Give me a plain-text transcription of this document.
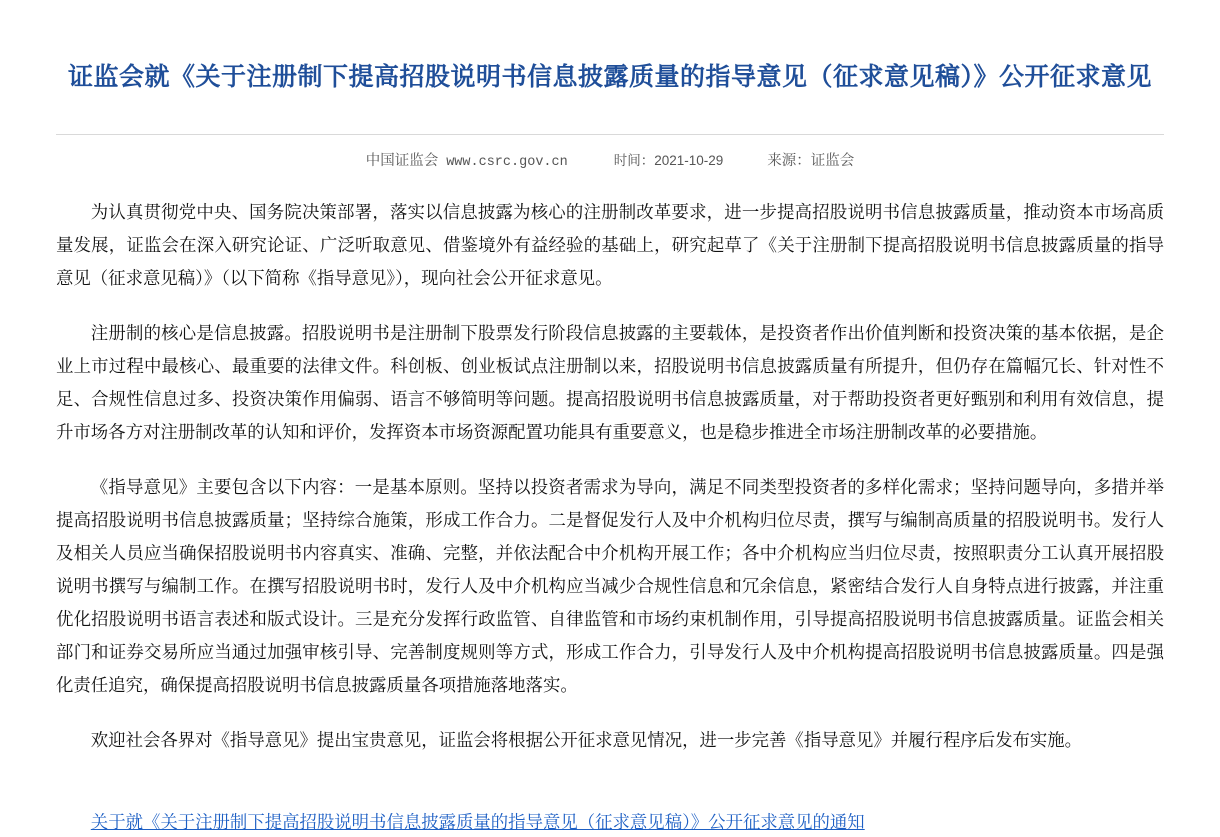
证监会就《关于注册制下提高招股说明书信息披露质量的指导意见（征求意见稿）》公开征求意见
中国证监会 www.csrc.gov.cn	时间：2021-10-29	来源：证监会

为认真贯彻党中央、国务院决策部署，落实以信息披露为核心的注册制改革要求，进一步提高招股说明书信息披露质量，推动资本市场高质量发展，证监会在深入研究论证、广泛听取意见、借鉴境外有益经验的基础上，研究起草了《关于注册制下提高招股说明书信息披露质量的指导意见（征求意见稿）》（以下简称《指导意见》），现向社会公开征求意见。

注册制的核心是信息披露。招股说明书是注册制下股票发行阶段信息披露的主要载体，是投资者作出价值判断和投资决策的基本依据，是企业上市过程中最核心、最重要的法律文件。科创板、创业板试点注册制以来，招股说明书信息披露质量有所提升，但仍存在篇幅冗长、针对性不足、合规性信息过多、投资决策作用偏弱、语言不够简明等问题。提高招股说明书信息披露质量，对于帮助投资者更好甄别和利用有效信息，提升市场各方对注册制改革的认知和评价，发挥资本市场资源配置功能具有重要意义，也是稳步推进全市场注册制改革的必要措施。

《指导意见》主要包含以下内容：一是基本原则。坚持以投资者需求为导向，满足不同类型投资者的多样化需求；坚持问题导向，多措并举提高招股说明书信息披露质量；坚持综合施策，形成工作合力。二是督促发行人及中介机构归位尽责，撰写与编制高质量的招股说明书。发行人及相关人员应当确保招股说明书内容真实、准确、完整，并依法配合中介机构开展工作；各中介机构应当归位尽责，按照职责分工认真开展招股说明书撰写与编制工作。在撰写招股说明书时，发行人及中介机构应当减少合规性信息和冗余信息，紧密结合发行人自身特点进行披露，并注重优化招股说明书语言表述和版式设计。三是充分发挥行政监管、自律监管和市场约束机制作用，引导提高招股说明书信息披露质量。证监会相关部门和证券交易所应当通过加强审核引导、完善制度规则等方式，形成工作合力，引导发行人及中介机构提高招股说明书信息披露质量。四是强化责任追究，确保提高招股说明书信息披露质量各项措施落地落实。

欢迎社会各界对《指导意见》提出宝贵意见，证监会将根据公开征求意见情况，进一步完善《指导意见》并履行程序后发布实施。

关于就《关于注册制下提高招股说明书信息披露质量的指导意见（征求意见稿）》公开征求意见的通知
